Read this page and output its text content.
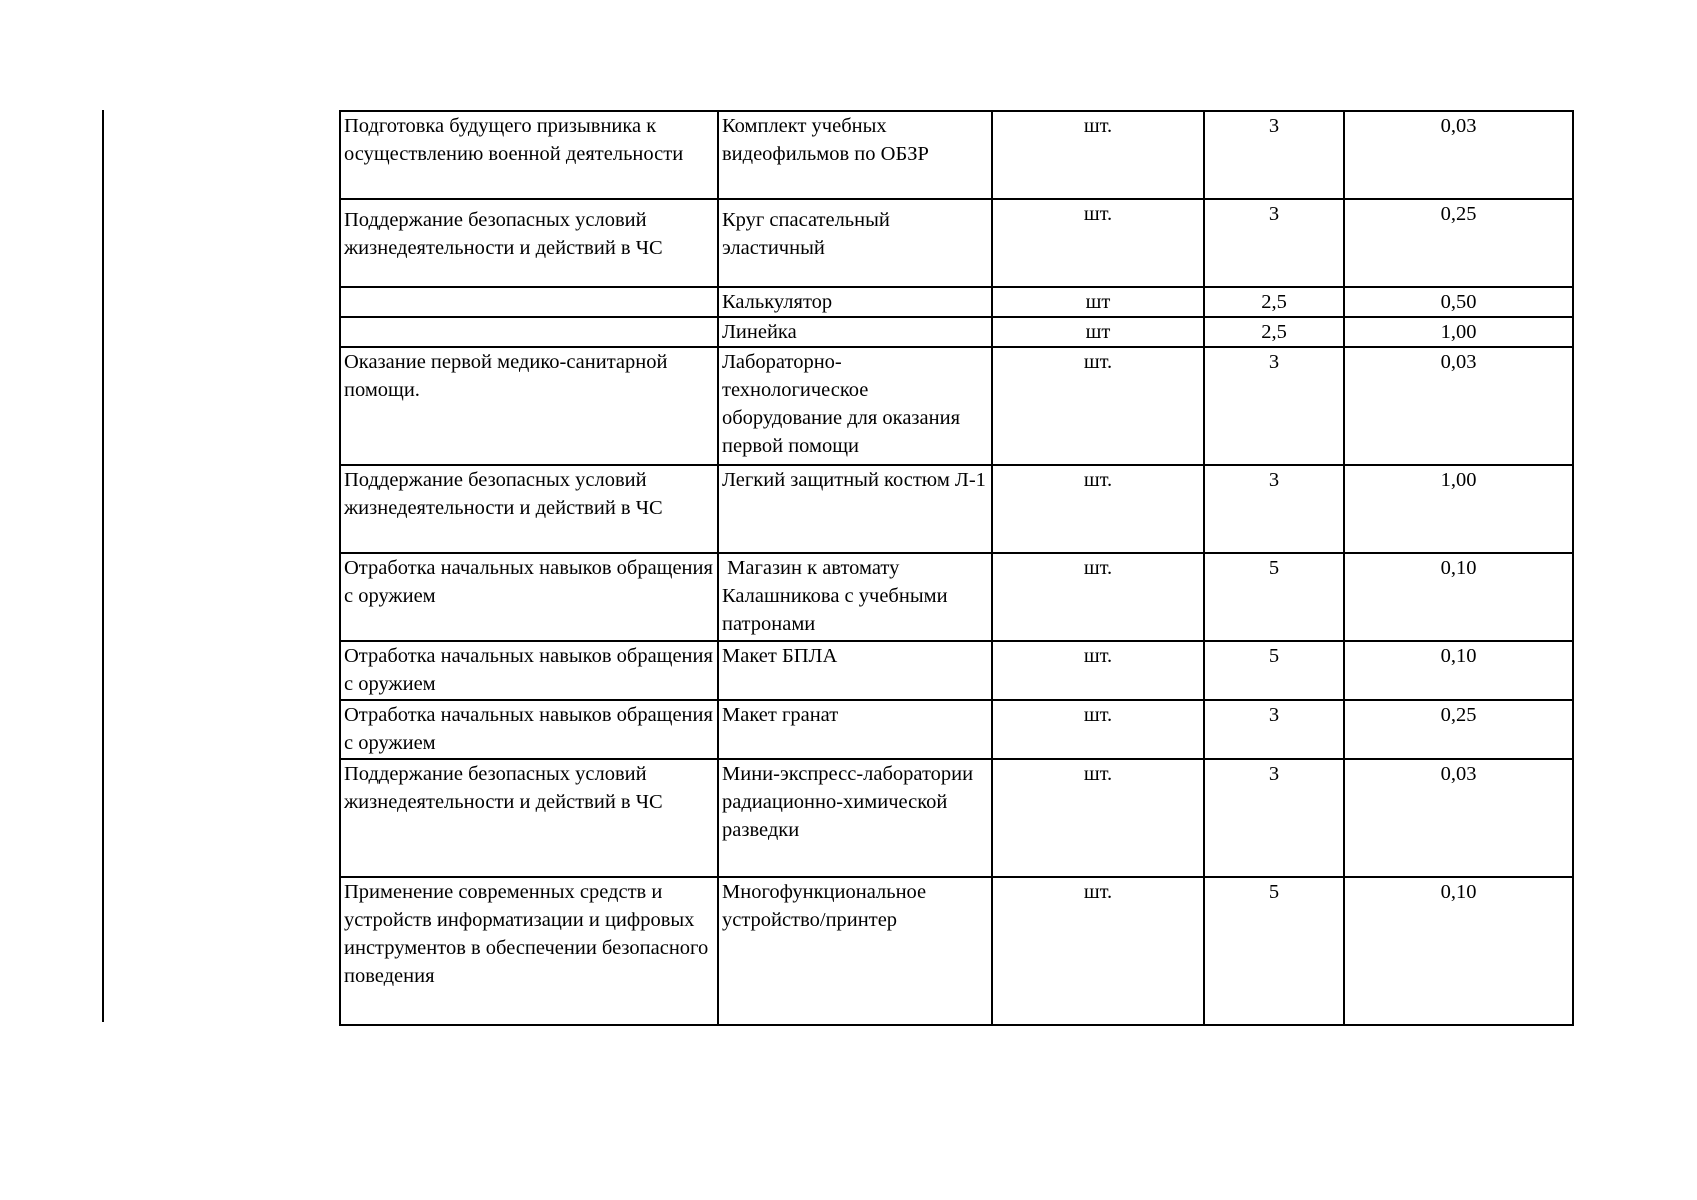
Подготовка будущего призывника к осуществлению военной деятельности	Комплект учебных видеофильмов по ОБЗР	шт.	3	0,03
Поддержание безопасных условий жизнедеятельности и действий в ЧС	Круг спасательный эластичный	шт.	3	0,25
	Калькулятор	шт	2,5	0,50
	Линейка	шт	2,5	1,00
Оказание первой медико-санитарной помощи.	Лабораторно-технологическое оборудование для оказания первой помощи	шт.	3	0,03
Поддержание безопасных условий жизнедеятельности и действий в ЧС	Легкий защитный костюм Л-1	шт.	3	1,00
Отработка начальных навыков обращения с оружием	Магазин к автомату Калашникова с учебными патронами	шт.	5	0,10
Отработка начальных навыков обращения с оружием	Макет БПЛА	шт.	5	0,10
Отработка начальных навыков обращения с оружием	Макет гранат	шт.	3	0,25
Поддержание безопасных условий жизнедеятельности и действий в ЧС	Мини-экспресс-лаборатории радиационно-химической разведки	шт.	3	0,03
Применение современных средств и устройств информатизации и цифровых инструментов в обеспечении безопасного поведения	Многофункциональное устройство/принтер	шт.	5	0,10
